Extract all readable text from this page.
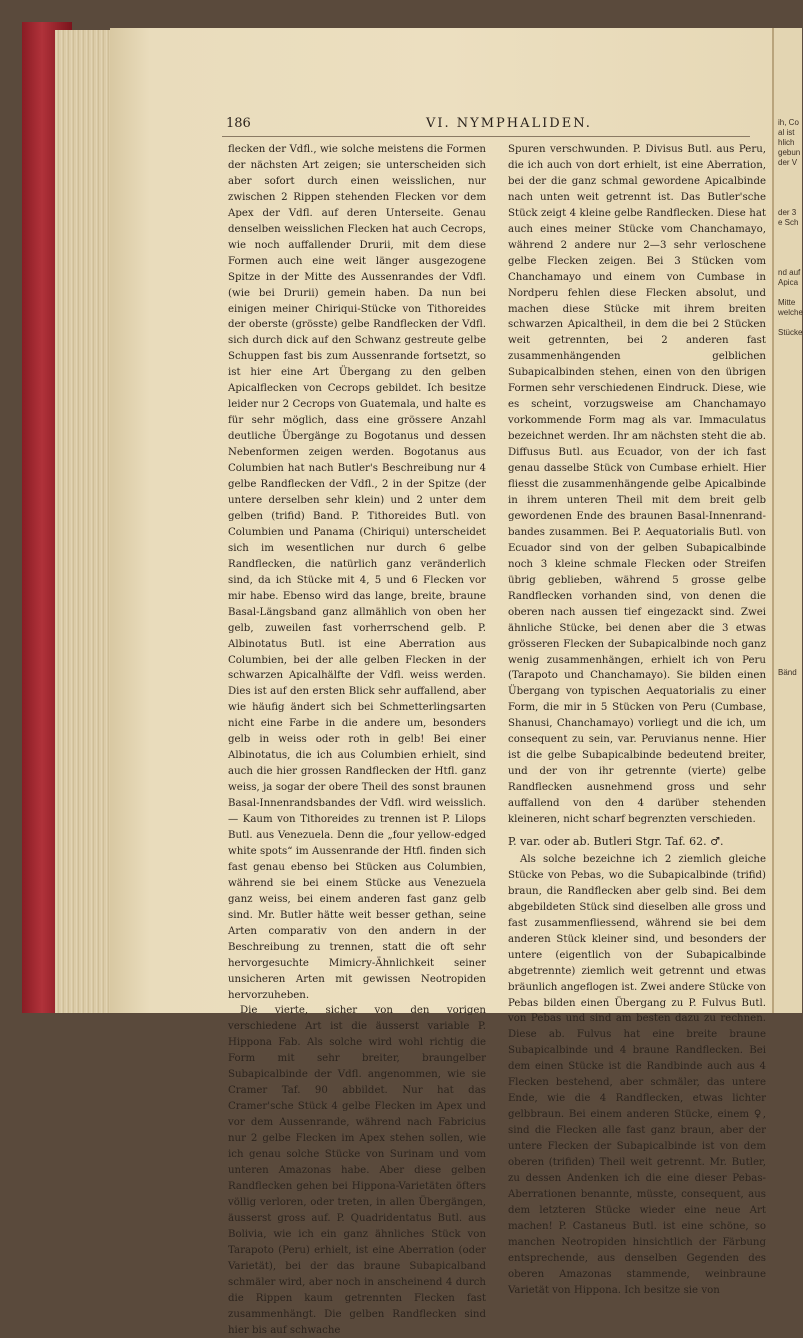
ih, Co
al ist
hlich
gebun
der V
der 3
e Sch
nd auf
Apica
Mitte
welche
Stücke
Bänd
186	VI. NYMPHALIDEN.

flecken der Vdfl., wie solche meistens die Formen der nächsten Art zeigen; sie unterscheiden sich aber sofort durch einen weisslichen, nur zwischen 2 Rippen stehenden Flecken vor dem Apex der Vdfl. auf deren Unterseite. Genau denselben weisslichen Flecken hat auch Cecrops, wie noch auffallender Drurii, mit dem diese Formen auch eine weit länger ausgezogene Spitze in der Mitte des Aussenrandes der Vdfl. (wie bei Drurii) gemein haben. Da nun bei einigen meiner Chiriqui-Stücke von Tithoreides der oberste (grösste) gelbe Randflecken der Vdfl. sich durch dick auf den Schwanz gestreute gelbe Schuppen fast bis zum Aussenrande fortsetzt, so ist hier eine Art Übergang zu den gelben Apicalflecken von Cecrops gebildet. Ich besitze leider nur 2 Cecrops von Guatemala, und halte es für sehr möglich, dass eine grössere Anzahl deutliche Übergänge zu Bogotanus und dessen Nebenformen zeigen werden. Bogotanus aus Columbien hat nach Butler's Beschreibung nur 4 gelbe Randflecken der Vdfl., 2 in der Spitze (der untere derselben sehr klein) und 2 unter dem gelben (trifid) Band. P. Tithoreides Butl. von Columbien und Panama (Chiriqui) unterscheidet sich im wesentlichen nur durch 6 gelbe Randflecken, die natürlich ganz veränderlich sind, da ich Stücke mit 4, 5 und 6 Flecken vor mir habe. Ebenso wird das lange, breite, braune Basal-Längsband ganz allmählich von oben her gelb, zuweilen fast vorherrschend gelb. P. Albinotatus Butl. ist eine Aberration aus Columbien, bei der alle gelben Flecken in der schwarzen Apicalhälfte der Vdfl. weiss werden. Dies ist auf den ersten Blick sehr auffallend, aber wie häufig ändert sich bei Schmetterlingsarten nicht eine Farbe in die andere um, besonders gelb in weiss oder roth in gelb! Bei einer Albinotatus, die ich aus Columbien erhielt, sind auch die hier grossen Randflecken der Htfl. ganz weiss, ja sogar der obere Theil des sonst braunen Basal-Innenrandsbandes der Vdfl. wird weisslich. — Kaum von Tithoreides zu trennen ist P. Lilops Butl. aus Venezuela. Denn die „four yellow-edged white spots“ im Aussenrande der Htfl. finden sich fast genau ebenso bei Stücken aus Columbien, während sie bei einem Stücke aus Venezuela ganz weiss, bei einem anderen fast ganz gelb sind. Mr. Butler hätte weit besser gethan, seine Arten comparativ von den andern in der Beschreibung zu trennen, statt die oft sehr hervorgesuchte Mimicry-Ähnlichkeit seiner unsicheren Arten mit gewissen Neotropiden hervorzuheben.

Die vierte, sicher von den vorigen verschiedene Art ist die äusserst variable P. Hippona Fab. Als solche wird wohl richtig die Form mit sehr breiter, braungelber Subapicalbinde der Vdfl. angenommen, wie sie Cramer Taf. 90 abbildet. Nur hat das Cramer'sche Stück 4 gelbe Flecken im Apex und vor dem Aussenrande, während nach Fabricius nur 2 gelbe Flecken im Apex stehen sollen, wie ich genau solche Stücke von Surinam und vom unteren Amazonas habe. Aber diese gelben Randflecken gehen bei Hippona-Varietäten öfters völlig verloren, oder treten, in allen Übergängen, äusserst gross auf. P. Quadridentatus Butl. aus Bolivia, wie ich ein ganz ähnliches Stück von Tarapoto (Peru) erhielt, ist eine Aberration (oder Varietät), bei der das braune Subapicalband schmäler wird, aber noch in anscheinend 4 durch die Rippen kaum getrennten Flecken fast zusammenhängt. Die gelben Randflecken sind hier bis auf schwache

Spuren verschwunden. P. Divisus Butl. aus Peru, die ich auch von dort erhielt, ist eine Aberration, bei der die ganz schmal gewordene Apicalbinde nach unten weit getrennt ist. Das Butler'sche Stück zeigt 4 kleine gelbe Randflecken. Diese hat auch eines meiner Stücke vom Chanchamayo, während 2 andere nur 2—3 sehr verloschene gelbe Flecken zeigen. Bei 3 Stücken vom Chanchamayo und einem von Cumbase in Nordperu fehlen diese Flecken absolut, und machen diese Stücke mit ihrem breiten schwarzen Apicaltheil, in dem die bei 2 Stücken weit getrennten, bei 2 anderen fast zusammenhängenden gelblichen Subapicalbinden stehen, einen von den übrigen Formen sehr verschiedenen Eindruck. Diese, wie es scheint, vorzugsweise am Chanchamayo vorkommende Form mag als var. Immaculatus bezeichnet werden. Ihr am nächsten steht die ab. Diffusus Butl. aus Ecuador, von der ich fast genau dasselbe Stück von Cumbase erhielt. Hier fliesst die zusammenhängende gelbe Apicalbinde in ihrem unteren Theil mit dem breit gelb gewordenen Ende des braunen Basal-Innenrand-bandes zusammen. Bei P. Aequatorialis Butl. von Ecuador sind von der gelben Subapicalbinde noch 3 kleine schmale Flecken oder Streifen übrig geblieben, während 5 grosse gelbe Randflecken vorhanden sind, von denen die oberen nach aussen tief eingezackt sind. Zwei ähnliche Stücke, bei denen aber die 3 etwas grösseren Flecken der Subapicalbinde noch ganz wenig zusammenhängen, erhielt ich von Peru (Tarapoto und Chanchamayo). Sie bilden einen Übergang von typischen Aequatorialis zu einer Form, die mir in 5 Stücken von Peru (Cumbase, Shanusi, Chanchamayo) vorliegt und die ich, um consequent zu sein, var. Peruvianus nenne. Hier ist die gelbe Subapicalbinde bedeutend breiter, und der von ihr getrennte (vierte) gelbe Randflecken ausnehmend gross und sehr auffallend von den 4 darüber stehenden kleineren, nicht scharf begrenzten verschieden.

P. var. oder ab. Butleri Stgr. Taf. 62. ♂.

Als solche bezeichne ich 2 ziemlich gleiche Stücke von Pebas, wo die Subapicalbinde (trifid) braun, die Randflecken aber gelb sind. Bei dem abgebildeten Stück sind dieselben alle gross und fast zusammenfliessend, während sie bei dem anderen Stück kleiner sind, und besonders der untere (eigentlich von der Subapicalbinde abgetrennte) ziemlich weit getrennt und etwas bräunlich angeflogen ist. Zwei andere Stücke von Pebas bilden einen Übergang zu P. Fulvus Butl. von Pebas und sind am besten dazu zu rechnen. Diese ab. Fulvus hat eine breite braune Subapicalbinde und 4 braune Randflecken. Bei dem einen Stücke ist die Randbinde auch aus 4 Flecken bestehend, aber schmäler, das untere Ende, wie die 4 Randflecken, etwas lichter gelbbraun. Bei einem anderen Stücke, einem ♀, sind die Flecken alle fast ganz braun, aber der untere Flecken der Subapicalbinde ist von dem oberen (trifiden) Theil weit getrennt. Mr. Butler, zu dessen Andenken ich die eine dieser Pebas-Aberrationen benannte, müsste, consequent, aus dem letzteren Stücke wieder eine neue Art machen! P. Castaneus Butl. ist eine schöne, so manchen Neotropiden hinsichtlich der Färbung entsprechende, aus denselben Gegenden des oberen Amazonas stammende, weinbraune Varietät von Hippona. Ich besitze sie von
